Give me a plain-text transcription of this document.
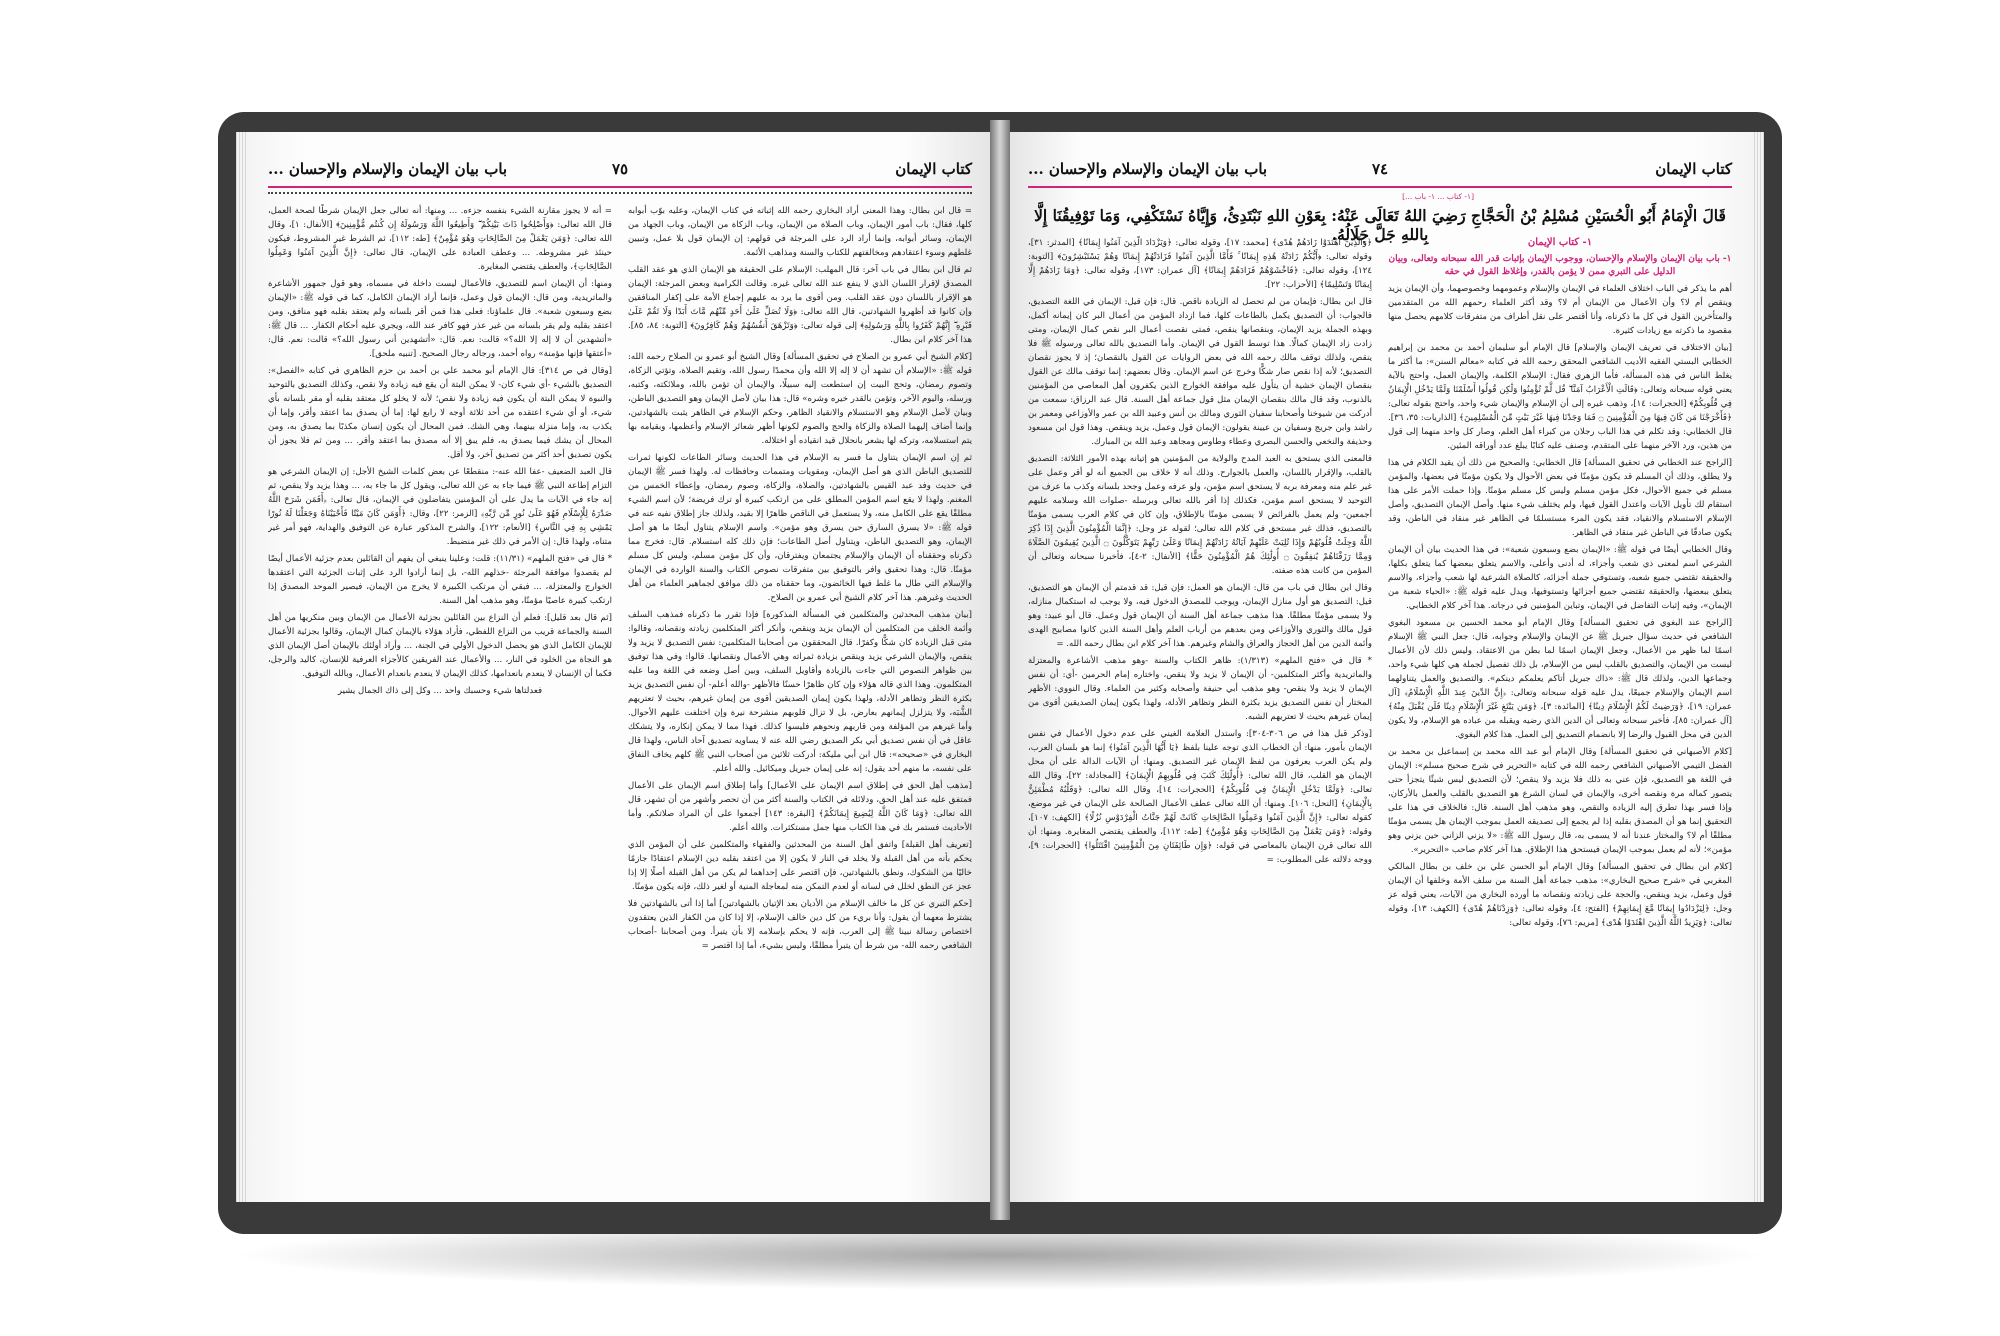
كتاب الإيمان
٧٥
باب بيان الإيمان والإسلام والإحسان ...

= قال ابن بطال: وهذا المعنى أراد البخاري رحمه الله إثباته في كتاب الإيمان، وعليه بوّب أبوابه كلها، فقال: باب أمور الإيمان، وباب الصلاة من الإيمان، وباب الزكاة من الإيمان، وباب الجهاد من الإيمان، وسائر أبوابه، وإنما أراد الرد على المرجئة في قولهم: إن الإيمان قول بلا عمل، وتبيين غلطهم وسوء اعتقادهم ومخالفتهم للكتاب والسنة ومذاهب الأئمة.

ثم قال ابن بطال في باب آخر: قال المهلب: الإسلام على الحقيقة هو الإيمان الذي هو عقد القلب المصدق لإقرار اللسان الذي لا ينفع عند الله تعالى غيره. وقالت الكرامية وبعض المرجئة: الإيمان هو الإقرار باللسان دون عقد القلب. ومن أقوى ما يرد به عليهم إجماع الأمة على إكفار المنافقين وإن كانوا قد أظهروا الشهادتين، قال الله تعالى: ﴿وَلَا تُصَلِّ عَلَىٰ أَحَدٍ مِّنْهُم مَّاتَ أَبَدًا وَلَا تَقُمْ عَلَىٰ قَبْرِهِ ۖ إِنَّهُمْ كَفَرُوا بِاللَّهِ وَرَسُولِهِ﴾ إلى قوله تعالى: ﴿وَتَزْهَقَ أَنفُسُهُمْ وَهُمْ كَافِرُونَ﴾ [التوبة: ٨٤، ٨٥]. هذا آخر كلام ابن بطال.

[كلام الشيخ أبي عمرو بن الصلاح في تحقيق المسألة] وقال الشيخ أبو عمرو بن الصلاح رحمه الله: قوله ﷺ: «الإسلام أن تشهد أن لا إله إلا الله وأن محمدًا رسول الله، وتقيم الصلاة، وتؤتي الزكاة، وتصوم رمضان، وتحج البيت إن استطعت إليه سبيلًا، والإيمان أن تؤمن بالله، وملائكته، وكتبه، ورسله، واليوم الآخر، وتؤمن بالقدر خيره وشره» قال: هذا بيان لأصل الإيمان وهو التصديق الباطن، وبيان لأصل الإسلام وهو الاستسلام والانقياد الظاهر، وحكم الإسلام في الظاهر يثبت بالشهادتين، وإنما أضاف إليهما الصلاة والزكاة والحج والصوم لكونها أظهر شعائر الإسلام وأعظمها، وبقيامه بها يتم استسلامه، وتركه لها يشعر بانحلال قيد انقياده أو اختلاله.

ثم إن اسم الإيمان يتناول ما فسر به الإسلام في هذا الحديث وسائر الطاعات لكونها ثمرات للتصديق الباطن الذي هو أصل الإيمان، ومقويات ومتممات وحافظات له. ولهذا فسر ﷺ الإيمان في حديث وفد عبد القيس بالشهادتين، والصلاة، والزكاة، وصوم رمضان، وإعطاء الخمس من المغنم. ولهذا لا يقع اسم المؤمن المطلق على من ارتكب كبيرة أو ترك فريضة؛ لأن اسم الشيء مطلقًا يقع على الكامل منه، ولا يستعمل في الناقص ظاهرًا إلا بقيد، ولذلك جاز إطلاق نفيه عنه في قوله ﷺ: «لا يسرق السارق حين يسرق وهو مؤمن». واسم الإسلام يتناول أيضًا ما هو أصل الإيمان، وهو التصديق الباطن، ويتناول أصل الطاعات؛ فإن ذلك كله استسلام. قال: فخرج مما ذكرناه وحققناه أن الإيمان والإسلام يجتمعان ويفترقان، وأن كل مؤمن مسلم، وليس كل مسلم مؤمنًا. قال: وهذا تحقيق وافر بالتوفيق بين متفرقات نصوص الكتاب والسنة الواردة في الإيمان والإسلام التي طال ما غلط فيها الخائضون، وما حققناه من ذلك موافق لجماهير العلماء من أهل الحديث وغيرهم. هذا آخر كلام الشيخ أبي عمرو بن الصلاح.

[بيان مذهب المحدثين والمتكلمين في المسألة المذكورة] فإذا تقرر ما ذكرناه فمذهب السلف وأئمة الخلف من المتكلمين أن الإيمان يزيد وينقص، وأنكر أكثر المتكلمين زيادته ونقصانه، وقالوا: متى قبل الزيادة كان شكًّا وكفرًا. قال المحققون من أصحابنا المتكلمين: نفس التصديق لا يزيد ولا ينقص، والإيمان الشرعي يزيد وينقص بزيادة ثمراته وهي الأعمال ونقصانها. قالوا: وفي هذا توفيق بين ظواهر النصوص التي جاءت بالزيادة وأقاويل السلف، وبين أصل وضعه في اللغة وما عليه المتكلمون. وهذا الذي قاله هؤلاء وإن كان ظاهرًا حسنًا فالأظهر -والله أعلم- أن نفس التصديق يزيد بكثرة النظر وتظاهر الأدلة، ولهذا يكون إيمان الصديقين أقوى من إيمان غيرهم، بحيث لا تعتريهم الشُّبَه، ولا يتزلزل إيمانهم بعارض، بل لا تزال قلوبهم منشرحة نيرة وإن اختلفت عليهم الأحوال. وأما غيرهم من المؤلفة ومن قاربهم ونحوهم فليسوا كذلك. فهذا مما لا يمكن إنكاره، ولا يتشكك عاقل في أن نفس تصديق أبي بكر الصديق رضي الله عنه لا يساويه تصديق آحاد الناس، ولهذا قال البخاري في «صحيحه»: قال ابن أبي مليكة: أدركت ثلاثين من أصحاب النبي ﷺ كلهم يخاف النفاق على نفسه، ما منهم أحد يقول: إنه على إيمان جبريل وميكائيل. والله أعلم.

[مذهب أهل الحق في إطلاق اسم الإيمان على الأعمال] وأما إطلاق اسم الإيمان على الأعمال فمتفق عليه عند أهل الحق، ودلائله في الكتاب والسنة أكثر من أن تحصر وأشهر من أن تشهر، قال الله تعالى: ﴿وَمَا كَانَ اللَّهُ لِيُضِيعَ إِيمَانَكُمْ﴾ [البقرة: ١٤٣] أجمعوا على أن المراد صلاتكم. وأما الأحاديث فستمر بك في هذا الكتاب منها جمل مستكثرات. والله أعلم.

[تعريف أهل القبلة] واتفق أهل السنة من المحدثين والفقهاء والمتكلمين على أن المؤمن الذي يحكم بأنه من أهل القبلة ولا يخلد في النار لا يكون إلا من اعتقد بقلبه دين الإسلام اعتقادًا جازمًا خاليًا من الشكوك، ونطق بالشهادتين، فإن اقتصر على إحداهما لم يكن من أهل القبلة أصلًا إلا إذا عجز عن النطق لخلل في لسانه أو لعدم التمكن منه لمعاجلة المنية أو لغير ذلك، فإنه يكون مؤمنًا.

[حكم التبري عن كل ما خالف الإسلام من الأديان بعد الإتيان بالشهادتين] أما إذا أتى بالشهادتين فلا يشترط معهما أن يقول: وأنا بريء من كل دين خالف الإسلام، إلا إذا كان من الكفار الذين يعتقدون اختصاص رسالة نبينا ﷺ إلى العرب، فإنه لا يحكم بإسلامه إلا بأن يتبرأ. ومن أصحابنا -أصحاب الشافعي رحمه الله- من شرط أن يتبرأ مطلقًا، وليس بشيء، أما إذا اقتصر =

= أنه لا يجوز مقارنة الشيء بنفسه جزءه. ... ومنها: أنه تعالى جعل الإيمان شرطًا لصحة العمل، قال الله تعالى: ﴿وَأَصْلِحُوا ذَاتَ بَيْنِكُمْ ۖ وَأَطِيعُوا اللَّهَ وَرَسُولَهُ إِن كُنتُم مُّؤْمِنِينَ﴾ [الأنفال: ١]، وقال الله تعالى: ﴿وَمَن يَعْمَلْ مِنَ الصَّالِحَاتِ وَهُوَ مُؤْمِنٌ﴾ [طه: ١١٢]، ثم الشرط غير المشروط، فيكون حينئذ غير مشروطه. ... وعطف العبادة على الإيمان، قال تعالى: ﴿إِنَّ الَّذِينَ آمَنُوا وَعَمِلُوا الصَّالِحَاتِ﴾، والعطف يقتضي المغايرة.

ومنها: أن الإيمان اسم للتصديق، فالأعمال ليست داخلة في مسماه، وهو قول جمهور الأشاعرة والماتريدية، ومن قال: الإيمان قول وعمل، فإنما أراد الإيمان الكامل، كما في قوله ﷺ: «الإيمان بضع وسبعون شعبة». قال علماؤنا: فعلى هذا فمن أقر بلسانه ولم يعتقد بقلبه فهو منافق، ومن اعتقد بقلبه ولم يقر بلسانه من غير عذر فهو كافر عند الله، ويجري عليه أحكام الكفار. ... قال ﷺ: «أتشهدين أن لا إله إلا الله؟» قالت: نعم. قال: «أتشهدين أني رسول الله؟» قالت: نعم. قال: «أعتقها فإنها مؤمنة» رواه أحمد، ورجاله رجال الصحيح. [تنبيه ملحق].

[وقال في ص ٣١٤]: قال الإمام أبو محمد علي بن أحمد بن حزم الظاهري في كتابه «الفصل»: التصديق بالشيء -أي شيء كان- لا يمكن البتة أن يقع فيه زيادة ولا نقص، وكذلك التصديق بالتوحيد والنبوة لا يمكن البتة أن يكون فيه زيادة ولا نقص؛ لأنه لا يخلو كل معتقد بقلبه أو مقر بلسانه بأي شيء، أو أي شيء اعتقده من أحد ثلاثة أوجه لا رابع لها: إما أن يصدق بما اعتقد وأقر، وإما أن يكذب به، وإما منزلة بينهما، وهي الشك. فمن المحال أن يكون إنسان مكذبًا بما يصدق به، ومن المحال أن يشك فيما يصدق به، فلم يبق إلا أنه مصدق بما اعتقد وأقر. ... ومن ثم فلا يجوز أن يكون تصديق أحد أكثر من تصديق آخر، ولا أقل.

قال العبد الضعيف -عفا الله عنه-: منقطعًا عن بعض كلمات الشيخ الأجل: إن الإيمان الشرعي هو التزام إطاعة النبي ﷺ فيما جاء به عن الله تعالى، ويقول كل ما جاء به، ... وهذا يزيد ولا ينقص، ثم إنه جاء في الآيات ما يدل على أن المؤمنين يتفاضلون في الإيمان، قال تعالى: ﴿أَفَمَن شَرَحَ اللَّهُ صَدْرَهُ لِلْإِسْلَامِ فَهُوَ عَلَىٰ نُورٍ مِّن رَّبِّهِ﴾ [الزمر: ٢٢]، وقال: ﴿أَوَمَن كَانَ مَيْتًا فَأَحْيَيْنَاهُ وَجَعَلْنَا لَهُ نُورًا يَمْشِي بِهِ فِي النَّاسِ﴾ [الأنعام: ١٢٢]، والشرح المذكور عبارة عن التوفيق والهداية، فهو أمر غير متناه، ولهذا قال: إن الأمر في ذلك غير منضبط.

* قال في «فتح الملهم» (١١/٣١): قلت: وعلينا ينبغي أن يفهم أن القائلين بعدم جزئية الأعمال أيضًا لم يقصدوا موافقة المرجئة -خذلهم الله-، بل إنما أرادوا الرد على إثبات الجزئية التي اعتقدها الخوارج والمعتزلة، ... فبقي أن مرتكب الكبيرة لا يخرج من الإيمان، فيصير الموحد المصدق إذا ارتكب كبيرة عاصيًا مؤمنًا، وهو مذهب أهل السنة.

[ثم قال بعد قليل]: فعلم أن النزاع بين القائلين بجزئية الأعمال من الإيمان وبين منكريها من أهل السنة والجماعة قريب من النزاع اللفظي، فأراد هؤلاء بالإيمان كمال الإيمان، وقالوا بجزئية الأعمال للإيمان الكامل الذي هو يحصل الدخول الأولي في الجنة، ... وأراد أولئك بالإيمان أصل الإيمان الذي هو النجاة من الخلود في النار، ... والأعمال عند الفريقين كالأجزاء العرفية للإنسان، كاليد والرجل، فكما أن الإنسان لا ينعدم بانعدامها، كذلك الإيمان لا ينعدم بانعدام الأعمال، وبالله التوفيق.

فعدلتاها شيء وحسبك واحد ... وكل إلى ذاك الجمال يشير

كتاب الإيمان
٧٤
باب بيان الإيمان والإسلام والإحسان ...
[١- كتاب ... ١- باب ...]
قَالَ الْإِمَامُ أَبُو الْحُسَيْنِ مُسْلِمُ بْنُ الْحَجَّاجِ رَضِيَ اللهُ تَعَالَى عَنْهُ: بِعَوْنِ اللهِ نَبْتَدِئُ، وَإِيَّاهُ نَسْتَكْفِي، وَمَا تَوْفِيقُنَا إِلَّا بِاللهِ جَلَّ جَلَالُهُ.	١- كتاب الإيمان

١- باب بيان الإيمان والإسلام والإحسان، ووجوب الإيمان بإثبات قدر الله سبحانه وتعالى، وبيان الدليل على التبري ممن لا يؤمن بالقدر، وإغلاظ القول في حقه

أهم ما يذكر في الباب اختلاف العلماء في الإيمان والإسلام وعمومهما وخصوصهما، وأن الإيمان يزيد وينقص أم لا؟ وأن الأعمال من الإيمان أم لا؟ وقد أكثر العلماء رحمهم الله من المتقدمين والمتأخرين القول في كل ما ذكرناه، وأنا أقتصر على نقل أطراف من متفرقات كلامهم يحصل منها مقصود ما ذكرته مع زيادات كثيرة.

[بيان الاختلاف في تعريف الإيمان والإسلام] قال الإمام أبو سليمان أحمد بن محمد بن إبراهيم الخطابي البستي الفقيه الأديب الشافعي المحقق رحمه الله في كتابه «معالم السنن»: ما أكثر ما يغلط الناس في هذه المسألة، فأما الزهري فقال: الإسلام الكلمة، والإيمان العمل، واحتج بالآية يعني قوله سبحانه وتعالى: ﴿قَالَتِ الْأَعْرَابُ آمَنَّا ۖ قُل لَّمْ تُؤْمِنُوا وَلَٰكِن قُولُوا أَسْلَمْنَا وَلَمَّا يَدْخُلِ الْإِيمَانُ فِي قُلُوبِكُمْ﴾ [الحجرات: ١٤]، وذهب غيره إلى أن الإسلام والإيمان شيء واحد، واحتج بقوله تعالى: ﴿فَأَخْرَجْنَا مَن كَانَ فِيهَا مِنَ الْمُؤْمِنِينَ ۝ فَمَا وَجَدْنَا فِيهَا غَيْرَ بَيْتٍ مِّنَ الْمُسْلِمِينَ﴾ [الذاريات: ٣٥، ٣٦]. قال الخطابي: وقد تكلم في هذا الباب رجلان من كبراء أهل العلم، وصار كل واحد منهما إلى قول من هذين، ورد الآخر منهما على المتقدم، وصنف عليه كتابًا يبلغ عدد أوراقه المئين.

[الراجح عند الخطابي في تحقيق المسألة] قال الخطابي: والصحيح من ذلك أن يقيد الكلام في هذا ولا يطلق، وذلك أن المسلم قد يكون مؤمنًا في بعض الأحوال ولا يكون مؤمنًا في بعضها، والمؤمن مسلم في جميع الأحوال، فكل مؤمن مسلم وليس كل مسلم مؤمنًا. وإذا حملت الأمر على هذا استقام لك تأويل الآيات واعتدل القول فيها، ولم يختلف شيء منها. وأصل الإيمان التصديق، وأصل الإسلام الاستسلام والانقياد، فقد يكون المرء مستسلمًا في الظاهر غير منقاد في الباطن، وقد يكون صادقًا في الباطن غير منقاد في الظاهر.

وقال الخطابي أيضًا في قوله ﷺ: «الإيمان بضع وسبعون شعبة»: في هذا الحديث بيان أن الإيمان الشرعي اسم لمعنى ذي شعب وأجزاء، له أدنى وأعلى، والاسم يتعلق ببعضها كما يتعلق بكلها، والحقيقة تقتضي جميع شعبه، وتستوفي جملة أجزائه، كالصلاة الشرعية لها شعب وأجزاء، والاسم يتعلق ببعضها، والحقيقة تقتضي جميع أجزائها وتستوفيها، ويدل عليه قوله ﷺ: «الحياء شعبة من الإيمان»، وفيه إثبات التفاضل في الإيمان، وتباين المؤمنين في درجاته. هذا آخر كلام الخطابي.

[الراجح عند البغوي في تحقيق المسألة] وقال الإمام أبو محمد الحسين بن مسعود البغوي الشافعي في حديث سؤال جبريل ﷺ عن الإيمان والإسلام وجوابه، قال: جعل النبي ﷺ الإسلام اسمًا لما ظهر من الأعمال، وجعل الإيمان اسمًا لما بطن من الاعتقاد، وليس ذلك لأن الأعمال ليست من الإيمان، والتصديق بالقلب ليس من الإسلام، بل ذلك تفصيل لجملة هي كلها شيء واحد، وجماعها الدين، ولذلك قال ﷺ: «ذاك جبريل أتاكم يعلمكم دينكم». والتصديق والعمل يتناولهما اسم الإيمان والإسلام جميعًا، يدل عليه قوله سبحانه وتعالى: ﴿إِنَّ الدِّينَ عِندَ اللَّهِ الْإِسْلَامُ﴾ [آل عمران: ١٩]، ﴿وَرَضِيتُ لَكُمُ الْإِسْلَامَ دِينًا﴾ [المائدة: ٣]، ﴿وَمَن يَبْتَغِ غَيْرَ الْإِسْلَامِ دِينًا فَلَن يُقْبَلَ مِنْهُ﴾ [آل عمران: ٨٥]، فأخبر سبحانه وتعالى أن الدين الذي رضيه ويقبله من عباده هو الإسلام، ولا يكون الدين في محل القبول والرضا إلا بانضمام التصديق إلى العمل. هذا كلام البغوي.

[كلام الأصبهاني في تحقيق المسألة] وقال الإمام أبو عبد الله محمد بن إسماعيل بن محمد بن الفضل التيمي الأصبهاني الشافعي رحمه الله في كتابه «التحرير في شرح صحيح مسلم»: الإيمان في اللغة هو التصديق، فإن عني به ذلك فلا يزيد ولا ينقص؛ لأن التصديق ليس شيئًا يتجزأ حتى يتصور كماله مرة ونقصه أخرى، والإيمان في لسان الشرع هو التصديق بالقلب والعمل بالأركان، وإذا فسر بهذا تطرق إليه الزيادة والنقص، وهو مذهب أهل السنة. قال: فالخلاف في هذا على التحقيق إنما هو أن المصدق بقلبه إذا لم يجمع إلى تصديقه العمل بموجب الإيمان هل يسمى مؤمنًا مطلقًا أم لا؟ والمختار عندنا أنه لا يسمى به، قال رسول الله ﷺ: «لا يزني الزاني حين يزني وهو مؤمن»؛ لأنه لم يعمل بموجب الإيمان فيستحق هذا الإطلاق. هذا آخر كلام صاحب «التحرير».

[كلام ابن بطال في تحقيق المسألة] وقال الإمام أبو الحسن علي بن خلف بن بطال المالكي المغربي في «شرح صحيح البخاري»: مذهب جماعة أهل السنة من سلف الأمة وخلفها أن الإيمان قول وعمل، يزيد وينقص، والحجة على زيادته ونقصانه ما أورده البخاري من الآيات، يعني قوله عز وجل: ﴿لِيَزْدَادُوا إِيمَانًا مَّعَ إِيمَانِهِمْ﴾ [الفتح: ٤]، وقوله تعالى: ﴿وَزِدْنَاهُمْ هُدًى﴾ [الكهف: ١٣]، وقوله تعالى: ﴿وَيَزِيدُ اللَّهُ الَّذِينَ اهْتَدَوْا هُدًى﴾ [مريم: ٧٦]، وقوله تعالى:

﴿وَالَّذِينَ اهْتَدَوْا زَادَهُمْ هُدًى﴾ [محمد: ١٧]، وقوله تعالى: ﴿وَيَزْدَادَ الَّذِينَ آمَنُوا إِيمَانًا﴾ [المدثر: ٣١]، وقوله تعالى: ﴿أَيُّكُمْ زَادَتْهُ هَٰذِهِ إِيمَانًا ۚ فَأَمَّا الَّذِينَ آمَنُوا فَزَادَتْهُمْ إِيمَانًا وَهُمْ يَسْتَبْشِرُونَ﴾ [التوبة: ١٢٤]، وقوله تعالى: ﴿فَاخْشَوْهُمْ فَزَادَهُمْ إِيمَانًا﴾ [آل عمران: ١٧٣]، وقوله تعالى: ﴿وَمَا زَادَهُمْ إِلَّا إِيمَانًا وَتَسْلِيمًا﴾ [الأحزاب: ٢٢].

قال ابن بطال: فإيمان من لم تحصل له الزيادة ناقص. قال: فإن قيل: الإيمان في اللغة التصديق، فالجواب: أن التصديق يكمل بالطاعات كلها، فما ازداد المؤمن من أعمال البر كان إيمانه أكمل، وبهذه الجملة يزيد الإيمان، وبنقصانها ينقص، فمتى نقصت أعمال البر نقص كمال الإيمان، ومتى زادت زاد الإيمان كمالًا. هذا توسط القول في الإيمان. وأما التصديق بالله تعالى ورسوله ﷺ فلا ينقص، ولذلك توقف مالك رحمه الله في بعض الروايات عن القول بالنقصان؛ إذ لا يجوز نقصان التصديق؛ لأنه إذا نقص صار شكًّا وخرج عن اسم الإيمان. وقال بعضهم: إنما توقف مالك عن القول بنقصان الإيمان خشية أن يتأول عليه موافقة الخوارج الذين يكفرون أهل المعاصي من المؤمنين بالذنوب، وقد قال مالك بنقصان الإيمان مثل قول جماعة أهل السنة. قال عبد الرزاق: سمعت من أدركت من شيوخنا وأصحابنا سفيان الثوري ومالك بن أنس وعبيد الله بن عمر والأوزاعي ومعمر بن راشد وابن جريج وسفيان بن عيينة يقولون: الإيمان قول وعمل، يزيد وينقص. وهذا قول ابن مسعود وحذيفة والنخعي والحسن البصري وعطاء وطاوس ومجاهد وعبد الله بن المبارك.

فالمعنى الذي يستحق به العبد المدح والولاية من المؤمنين هو إتيانه بهذه الأمور الثلاثة: التصديق بالقلب، والإقرار باللسان، والعمل بالجوارح. وذلك أنه لا خلاف بين الجميع أنه لو أقر وعمل على غير علم منه ومعرفة بربه لا يستحق اسم مؤمن، ولو عرفه وعمل وجحد بلسانه وكذب ما عرف من التوحيد لا يستحق اسم مؤمن، فكذلك إذا أقر بالله تعالى وبرسله -صلوات الله وسلامه عليهم أجمعين- ولم يعمل بالفرائض لا يسمى مؤمنًا بالإطلاق، وإن كان في كلام العرب يسمى مؤمنًا بالتصديق، فذلك غير مستحق في كلام الله تعالى؛ لقوله عز وجل: ﴿إِنَّمَا الْمُؤْمِنُونَ الَّذِينَ إِذَا ذُكِرَ اللَّهُ وَجِلَتْ قُلُوبُهُمْ وَإِذَا تُلِيَتْ عَلَيْهِمْ آيَاتُهُ زَادَتْهُمْ إِيمَانًا وَعَلَىٰ رَبِّهِمْ يَتَوَكَّلُونَ ۝ الَّذِينَ يُقِيمُونَ الصَّلَاةَ وَمِمَّا رَزَقْنَاهُمْ يُنفِقُونَ ۝ أُولَٰئِكَ هُمُ الْمُؤْمِنُونَ حَقًّا﴾ [الأنفال: ٢-٤]، فأخبرنا سبحانه وتعالى أن المؤمن من كانت هذه صفته.

وقال ابن بطال في باب من قال: الإيمان هو العمل: فإن قيل: قد قدمتم أن الإيمان هو التصديق، قيل: التصديق هو أول منازل الإيمان، ويوجب للمصدق الدخول فيه، ولا يوجب له استكمال منازله، ولا يسمى مؤمنًا مطلقًا. هذا مذهب جماعة أهل السنة أن الإيمان قول وعمل. قال أبو عبيد: وهو قول مالك والثوري والأوزاعي ومن بعدهم من أرباب العلم وأهل السنة الذين كانوا مصابيح الهدى وأئمة الدين من أهل الحجاز والعراق والشام وغيرهم. هذا آخر كلام ابن بطال رحمه الله. =

* قال في «فتح الملهم» (١/٣١٣): ظاهر الكتاب والسنة -وهو مذهب الأشاعرة والمعتزلة والماتريدية وأكثر المتكلمين- أن الإيمان لا يزيد ولا ينقص، واختاره إمام الحرمين -أي: أن نفس الإيمان لا يزيد ولا ينقص- وهو مذهب أبي حنيفة وأصحابه وكثير من العلماء. وقال النووي: الأظهر المختار أن نفس التصديق يزيد بكثرة النظر وتظاهر الأدلة، ولهذا يكون إيمان الصديقين أقوى من إيمان غيرهم بحيث لا تعتريهم الشبه.

[وذكر قبل هذا في ص ٣٠٦-٣٠٤]: واستدل العلامة الغيني على عدم دخول الأعمال في نفس الإيمان بأمور، منها: أن الخطاب الذي توجه علينا بلفظ ﴿يَا أَيُّهَا الَّذِينَ آمَنُوا﴾ إنما هو بلسان العرب، ولم يكن العرب يعرفون من لفظ الإيمان غير التصديق. ومنها: أن الآيات الدالة على أن محل الإيمان هو القلب، قال الله تعالى: ﴿أُولَٰئِكَ كَتَبَ فِي قُلُوبِهِمُ الْإِيمَانَ﴾ [المجادلة: ٢٢]، وقال الله تعالى: ﴿وَلَمَّا يَدْخُلِ الْإِيمَانُ فِي قُلُوبِكُمْ﴾ [الحجرات: ١٤]، وقال الله تعالى: ﴿وَقَلْبُهُ مُطْمَئِنٌّ بِالْإِيمَانِ﴾ [النحل: ١٠٦]. ومنها: أن الله تعالى عطف الأعمال الصالحة على الإيمان في غير موضع، كقوله تعالى: ﴿إِنَّ الَّذِينَ آمَنُوا وَعَمِلُوا الصَّالِحَاتِ كَانَتْ لَهُمْ جَنَّاتُ الْفِرْدَوْسِ نُزُلًا﴾ [الكهف: ١٠٧]، وقوله: ﴿وَمَن يَعْمَلْ مِنَ الصَّالِحَاتِ وَهُوَ مُؤْمِنٌ﴾ [طه: ١١٢]، والعطف يقتضي المغايرة. ومنها: أن الله تعالى قرن الإيمان بالمعاصي في قوله: ﴿وَإِن طَائِفَتَانِ مِنَ الْمُؤْمِنِينَ اقْتَتَلُوا﴾ [الحجرات: ٩]، ووجه دلالته على المطلوب: =
